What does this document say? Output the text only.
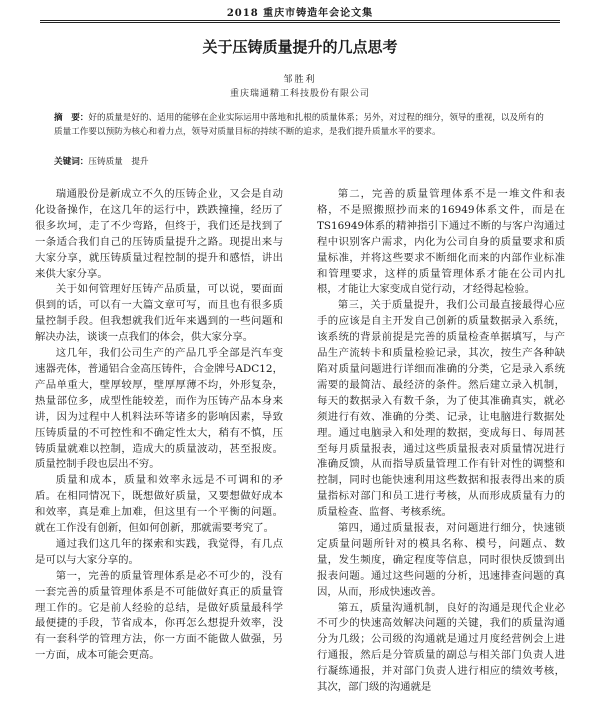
2018 重庆市铸造年会论文集
关于压铸质量提升的几点思考
邹胜利
重庆瑞通精工科技股份有限公司
摘　要：好的质量是好的、适用的能够在企业实际运用中落地和扎根的质量体系；另外，对过程的细分，领导的重视，以及所有的质量工作要以预防为核心和着力点，领导对质量目标的持续不断的追求，是我们提升质量水平的要求。
关键词：压铸质量　提升

瑞通股份是新成立不久的压铸企业，又会是自动化设备操作，在这几年的运行中，跌跌撞撞，经历了很多坎坷，走了不少弯路，但终于，我们还是找到了一条适合我们自己的压铸质量提升之路。现提出来与大家分享，就压铸质量过程控制的提升和感悟，讲出来供大家分享。

关于如何管理好压铸产品质量，可以说，要面面俱到的话，可以有一大篇文章可写，而且也有很多质量控制手段。但我想就我们近年来遇到的一些问题和解决办法，谈谈一点我们的体会，供大家分享。

这几年，我们公司生产的产品几乎全部是汽车变速器壳体，普通铝合金高压铸件，合金牌号ADC12，产品单重大，壁厚较厚，壁厚厚薄不均，外形复杂，热量部位多，成型性能较差，而作为压铸产品本身来讲，因为过程中人机料法环等诸多的影响因素，导致压铸质量的不可控性和不确定性太大，稍有不慎，压铸质量就难以控制，造成大的质量波动，甚至报废。质量控制手段也层出不穷。

质量和成本，质量和效率永远是不可调和的矛盾。在相同情况下，既想做好质量，又要想做好成本和效率，真是难上加难，但这里有一个平衡的问题。就在工作没有创新，但如何创新，那就需要考究了。

通过我们这几年的探索和实践，我觉得，有几点是可以与大家分享的。

第一，完善的质量管理体系是必不可少的，没有一套完善的质量管理体系是不可能做好真正的质量管理工作的。它是前人经验的总结，是做好质量最科学最便捷的手段，节省成本，你再怎么想提升效率，没有一套科学的管理方法，你一方面不能做人做强，另一方面，成本可能会更高。

第二，完善的质量管理体系不是一堆文件和表格，不是照搬照抄而来的16949体系文件，而是在TS16949体系的精神指引下通过不断的与客户沟通过程中识别客户需求，内化为公司自身的质量要求和质量标准，并将这些要求不断细化而来的内部作业标准和管理要求，这样的质量管理体系才能在公司内扎根，才能让大家变成自觉行动，才经得起检验。

第三，关于质量提升，我们公司最直接最得心应手的应该是自主开发自己创新的质量数据录入系统，该系统的背景前提是完善的质量检查单据填写，与产品生产流转卡和质量检验记录，其次，按生产各种缺陷对质量问题进行详细而准确的分类，它是录入系统需要的最简洁、最经济的条件。然后建立录入机制，每天的数据录入有数千条，为了使其准确真实，就必须进行有效、准确的分类、记录，让电脑进行数据处理。通过电脑录入和处理的数据，变成每日、每周甚至每月质量报表，通过这些质量报表对质量情况进行准确反馈，从而指导质量管理工作有针对性的调整和控制，同时也能快速利用这些数据和报表得出来的质量指标对部门和员工进行考核，从而形成质量有力的质量检查、监督、考核系统。

第四，通过质量报表，对问题进行细分，快速锁定质量问题所针对的模具名称、模号，问题点、数量，发生频度，确定程度等信息，同时很快反馈到出报表问题。通过这些问题的分析，迅速排查问题的真因，从而，形成快速改善。

第五，质量沟通机制，良好的沟通是现代企业必不可少的快速高效解决问题的关键，我们的质量沟通分为几级；公司级的沟通就是通过月度经营例会上进行通报，然后是分管质量的副总与相关部门负责人进行凝练通报，并对部门负责人进行相应的绩效考核，其次，部门级的沟通就是
